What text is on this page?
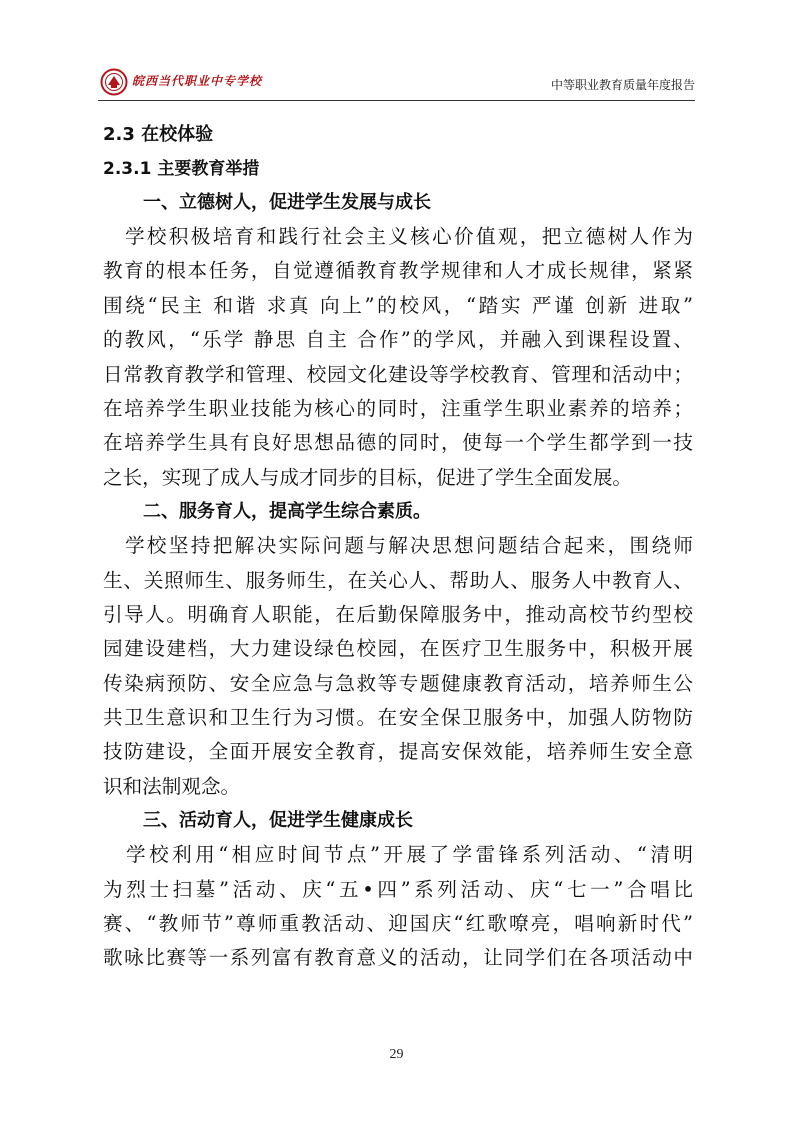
皖西当代职业中专学校	中等职业教育质量年度报告
2.3 在校体验
2.3.1 主要教育举措
一、立德树人，促进学生发展与成长
　学校积极培育和践行社会主义核心价值观，把立德树人作为
教育的根本任务，自觉遵循教育教学规律和人才成长规律，紧紧
围绕“民主 和谐 求真 向上”的校风，“踏实 严谨 创新 进取”
的教风，“乐学 静思 自主 合作”的学风，并融入到课程设置、
日常教育教学和管理、校园文化建设等学校教育、管理和活动中；
在培养学生职业技能为核心的同时，注重学生职业素养的培养；
在培养学生具有良好思想品德的同时，使每一个学生都学到一技
之长，实现了成人与成才同步的目标，促进了学生全面发展。
二、服务育人，提高学生综合素质。
　学校坚持把解决实际问题与解决思想问题结合起来，围绕师
生、关照师生、服务师生，在关心人、帮助人、服务人中教育人、
引导人。明确育人职能，在后勤保障服务中，推动高校节约型校
园建设建档，大力建设绿色校园，在医疗卫生服务中，积极开展
传染病预防、安全应急与急救等专题健康教育活动，培养师生公
共卫生意识和卫生行为习惯。在安全保卫服务中，加强人防物防
技防建设，全面开展安全教育，提高安保效能，培养师生安全意
识和法制观念。
三、活动育人，促进学生健康成长
　学校利用“相应时间节点”开展了学雷锋系列活动、“清明
为烈士扫墓”活动、庆“五•四”系列活动、庆“七一”合唱比
赛、“教师节”尊师重教活动、迎国庆“红歌嘹亮，唱响新时代”
歌咏比赛等一系列富有教育意义的活动，让同学们在各项活动中
29
